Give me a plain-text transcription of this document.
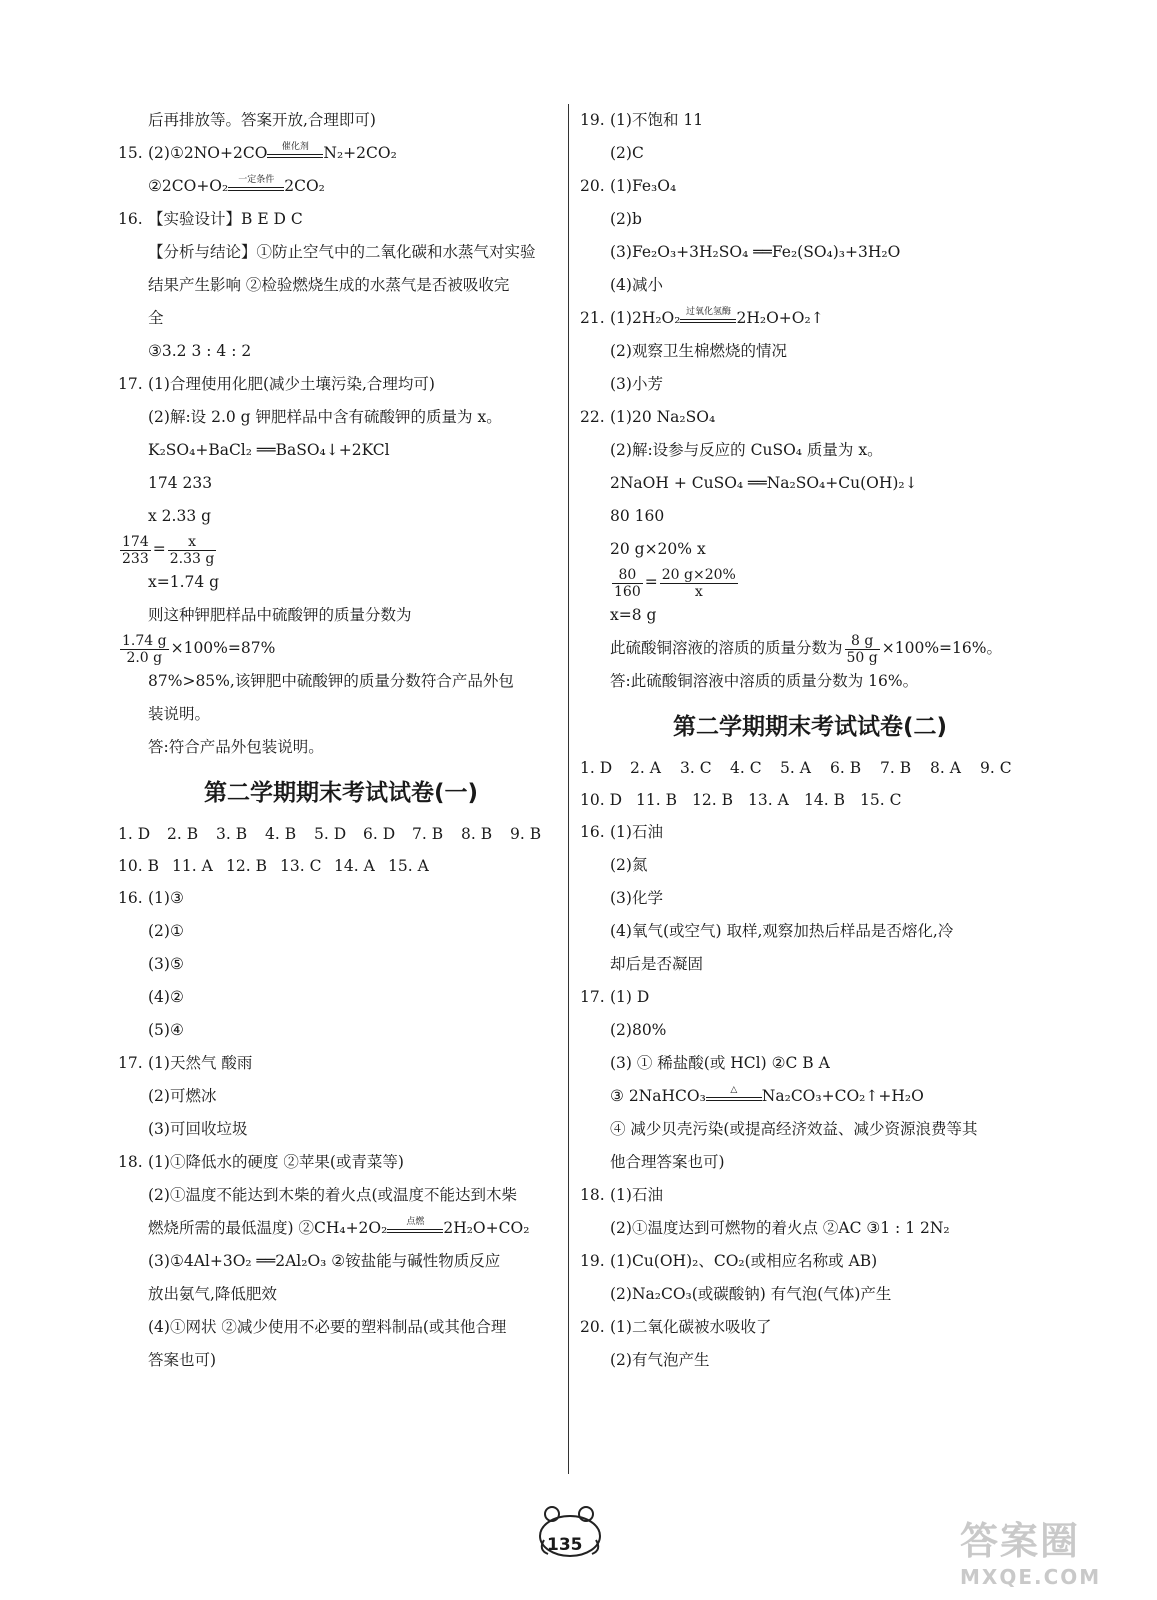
后再排放等。答案开放,合理即可)
15. (2)①2NO+2CO	催化剂 N₂+2CO₂
②2CO+O₂	一定条件 2CO₂
16. 【实验设计】B E D C
【分析与结论】①防止空气中的二氧化碳和水蒸气对实验
结果产生影响 ②检验燃烧生成的水蒸气是否被吸收完
全
③3.2 3 : 4 : 2
17. (1)合理使用化肥(减少土壤污染,合理均可)
(2)解:设 2.0 g 钾肥样品中含有硫酸钾的质量为 x。
K₂SO₄+BaCl₂ ══BaSO₄↓+2KCl
174 233
x 2.33 g
$\frac{174}{233} = \frac{x}{2.33 g}$
x=1.74 g
则这种钾肥样品中硫酸钾的质量分数为
$\frac{1.74 g}{2.0 g} \times 100\%=87\%$
87%>85%,该钾肥中硫酸钾的质量分数符合产品外包
装说明。
答:符合产品外包装说明。
第二学期期末考试试卷(一)
1. D 2. B 3. B 4. B 5. D 6. D 7. B 8. B 9. B
10. B 11. A 12. B 13. C 14. A 15. A
16. (1)③
(2)①
(3)⑤
(4)②
(5)④
17. (1)天然气 酸雨
(2)可燃冰
(3)可回收垃圾
18. (1)①降低水的硬度 ②苹果(或青菜等)
(2)①温度不能达到木柴的着火点(或温度不能达到木柴
燃烧所需的最低温度) ②CH₄+2O₂	点燃	2H₂O+CO₂
(3)①4Al+3O₂ ══2Al₂O₃ ②铵盐能与碱性物质反应
放出氨气,降低肥效
(4)①网状 ②减少使用不必要的塑料制品(或其他合理
答案也可)
19. (1)不饱和 11
(2)C
20. (1)Fe₃O₄
(2)b
(3)Fe₂O₃+3H₂SO₄ ══Fe₂(SO₄)₃+3H₂O
(4)减小
21. (1)2H₂O₂ 过氧化氢酶 2H₂O+O₂↑
(2)观察卫生棉燃烧的情况
(3)小芳
22. (1)20 Na₂SO₄
(2)解:设参与反应的 CuSO₄ 质量为 x。
2NaOH + CuSO₄ ══Na₂SO₄+Cu(OH)₂↓
80 160
20 g×20% x
$\frac{80}{160} = \frac{20 g\times 20\%}{x}$
x=8 g
此硫酸铜溶液的溶质的质量分数为 $\frac{8 g}{50 g} \times 100\%=16\%$。
答:此硫酸铜溶液中溶质的质量分数为 16%。
第二学期期末考试试卷(二)
1. D 2. A 3. C 4. C 5. A 6. B 7. B 8. A 9. C
10. D 11. B 12. B 13. A 14. B 15. C
16. (1)石油
(2)氮
(3)化学
(4)氧气(或空气) 取样,观察加热后样品是否熔化,冷
却后是否凝固
17. (1) D
(2)80%
(3) ① 稀盐酸(或 HCl) ②C B A
③ 2NaHCO₃	△	Na₂CO₃+CO₂↑+H₂O
④ 减少贝壳污染(或提高经济效益、减少资源浪费等其
他合理答案也可)
18. (1)石油
(2)①温度达到可燃物的着火点 ②AC ③1 : 1 2N₂
19. (1)Cu(OH)₂、CO₂(或相应名称或 AB)
(2)Na₂CO₃(或碳酸钠) 有气泡(气体)产生
20. (1)二氧化碳被水吸收了
(2)有气泡产生
135	答案圈
MXQE.COM
